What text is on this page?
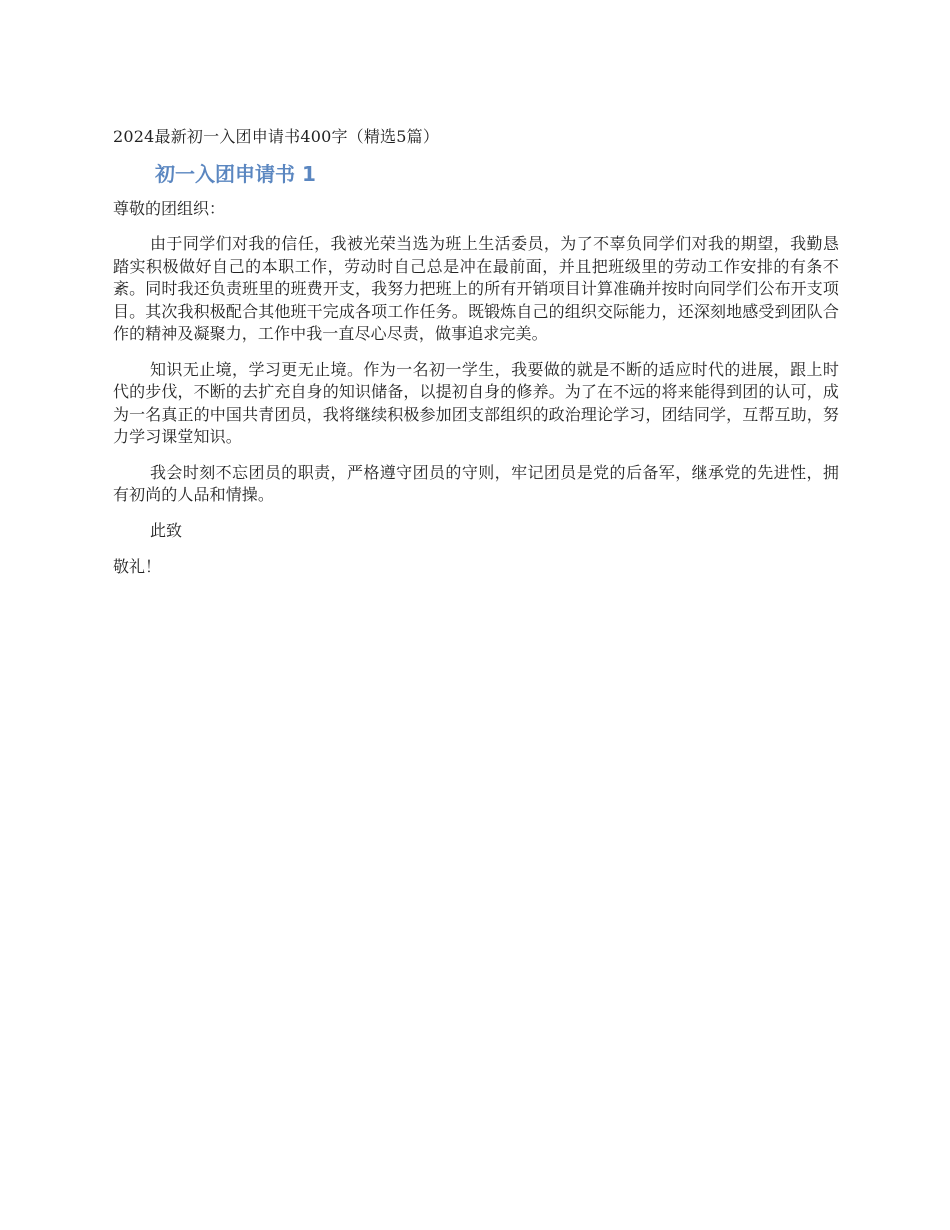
2024最新初一入团申请书400字（精选5篇）

初一入团申请书 1

尊敬的团组织：

由于同学们对我的信任，我被光荣当选为班上生活委员，为了不辜负同学们对我的期望，我勤恳踏实积极做好自己的本职工作，劳动时自己总是冲在最前面，并且把班级里的劳动工作安排的有条不紊。同时我还负责班里的班费开支，我努力把班上的所有开销项目计算准确并按时向同学们公布开支项目。其次我积极配合其他班干完成各项工作任务。既锻炼自己的组织交际能力，还深刻地感受到团队合作的精神及凝聚力，工作中我一直尽心尽责，做事追求完美。

知识无止境，学习更无止境。作为一名初一学生，我要做的就是不断的适应时代的进展，跟上时代的步伐，不断的去扩充自身的知识储备，以提初自身的修养。为了在不远的将来能得到团的认可，成为一名真正的中国共青团员，我将继续积极参加团支部组织的政治理论学习，团结同学，互帮互助，努力学习课堂知识。

我会时刻不忘团员的职责，严格遵守团员的守则，牢记团员是党的后备军，继承党的先进性，拥有初尚的人品和情操。

此致

敬礼！
